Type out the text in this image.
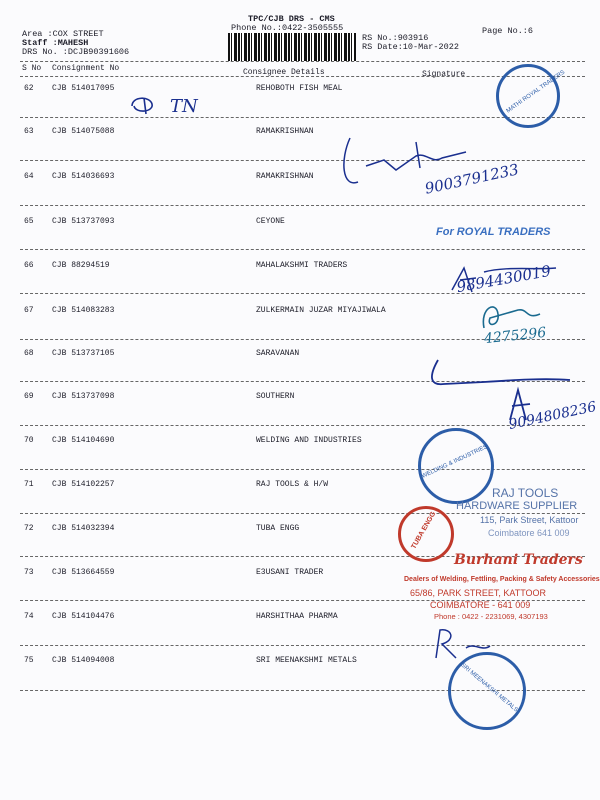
TPC/CJB DRS - CMS
Phone No.:0422-3505555
Area :COX STREET
Staff :MAHESH
DRS No. :DCJB90391606
RS No.:903916
RS Date:10-Mar-2022
Page No.:6
S No Consignment No	Consignee Details	Signature
62 CJB 514017095	REHOBOTH FISH MEAL
63 CJB 514075088	RAMAKRISHNAN
64 CJB 514036693	RAMAKRISHNAN
65 CJB 513737093	CEYONE
66 CJB 88294519	MAHALAKSHMI TRADERS
67 CJB 514083283	ZULKERMAIN JUZAR MIYAJIWALA
68 CJB 513737105	SARAVANAN
69 CJB 513737098	SOUTHERN
70 CJB 514104690	WELDING AND INDUSTRIES
71 CJB 514102257	RAJ TOOLS & H/W
72 CJB 514032394	TUBA ENGG
73 CJB 513664559	E3USANI TRADER
74 CJB 514104476	HARSHITHAA PHARMA
75 CJB 514094008	SRI MEENAKSHMI METALS
TN
9003791233
9894430019
4275296
9094808236
MATHI ROYAL TRADERS
For ROYAL TRADERS
WELDING & INDUSTRIES
RAJ TOOLS
HARDWARE SUPPLIER
115, Park Street, Kattoor
Coimbatore 641 009
TUBA ENGG
Burhani Traders
Dealers of Welding, Fettling, Packing & Safety Accessories
65/86, PARK STREET, KATTOOR
COIMBATORE - 641 009
Phone : 0422 - 2231069, 4307193
SRI MEENAKSHI METALS
